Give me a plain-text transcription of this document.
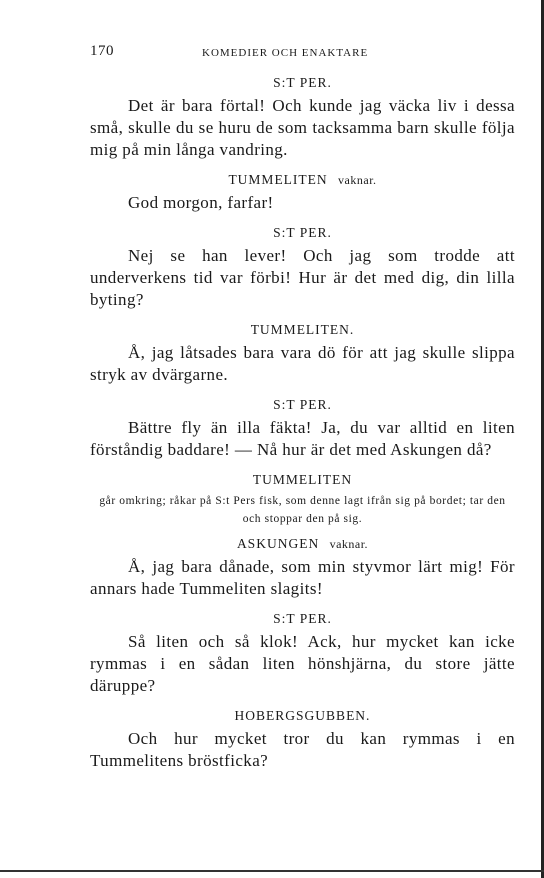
170	KOMEDIER OCH ENAKTARE
S:T PER.

Det är bara förtal! Och kunde jag väcka liv i dessa små, skulle du se huru de som tacksamma barn skulle följa mig på min långa vandring.

TUMMELITEN vaknar.

God morgon, farfar!

S:T PER.

Nej se han lever! Och jag som trodde att underverkens tid var förbi! Hur är det med dig, din lilla byting?

TUMMELITEN.

Å, jag låtsades bara vara dö för att jag skulle slippa stryk av dvärgarne.

S:T PER.

Bättre fly än illa fäkta! Ja, du var alltid en liten förståndig baddare! — Nå hur är det med Askungen då?

TUMMELITEN

går omkring; råkar på S:t Pers fisk, som denne lagt ifrån sig på bordet; tar den och stoppar den på sig.

ASKUNGEN vaknar.

Å, jag bara dånade, som min styvmor lärt mig! För annars hade Tummeliten slagits!

S:T PER.

Så liten och så klok! Ack, hur mycket kan icke rymmas i en sådan liten hönshjärna, du store jätte däruppe?

HOBERGSGUBBEN.

Och hur mycket tror du kan rymmas i en Tummelitens bröstficka?
